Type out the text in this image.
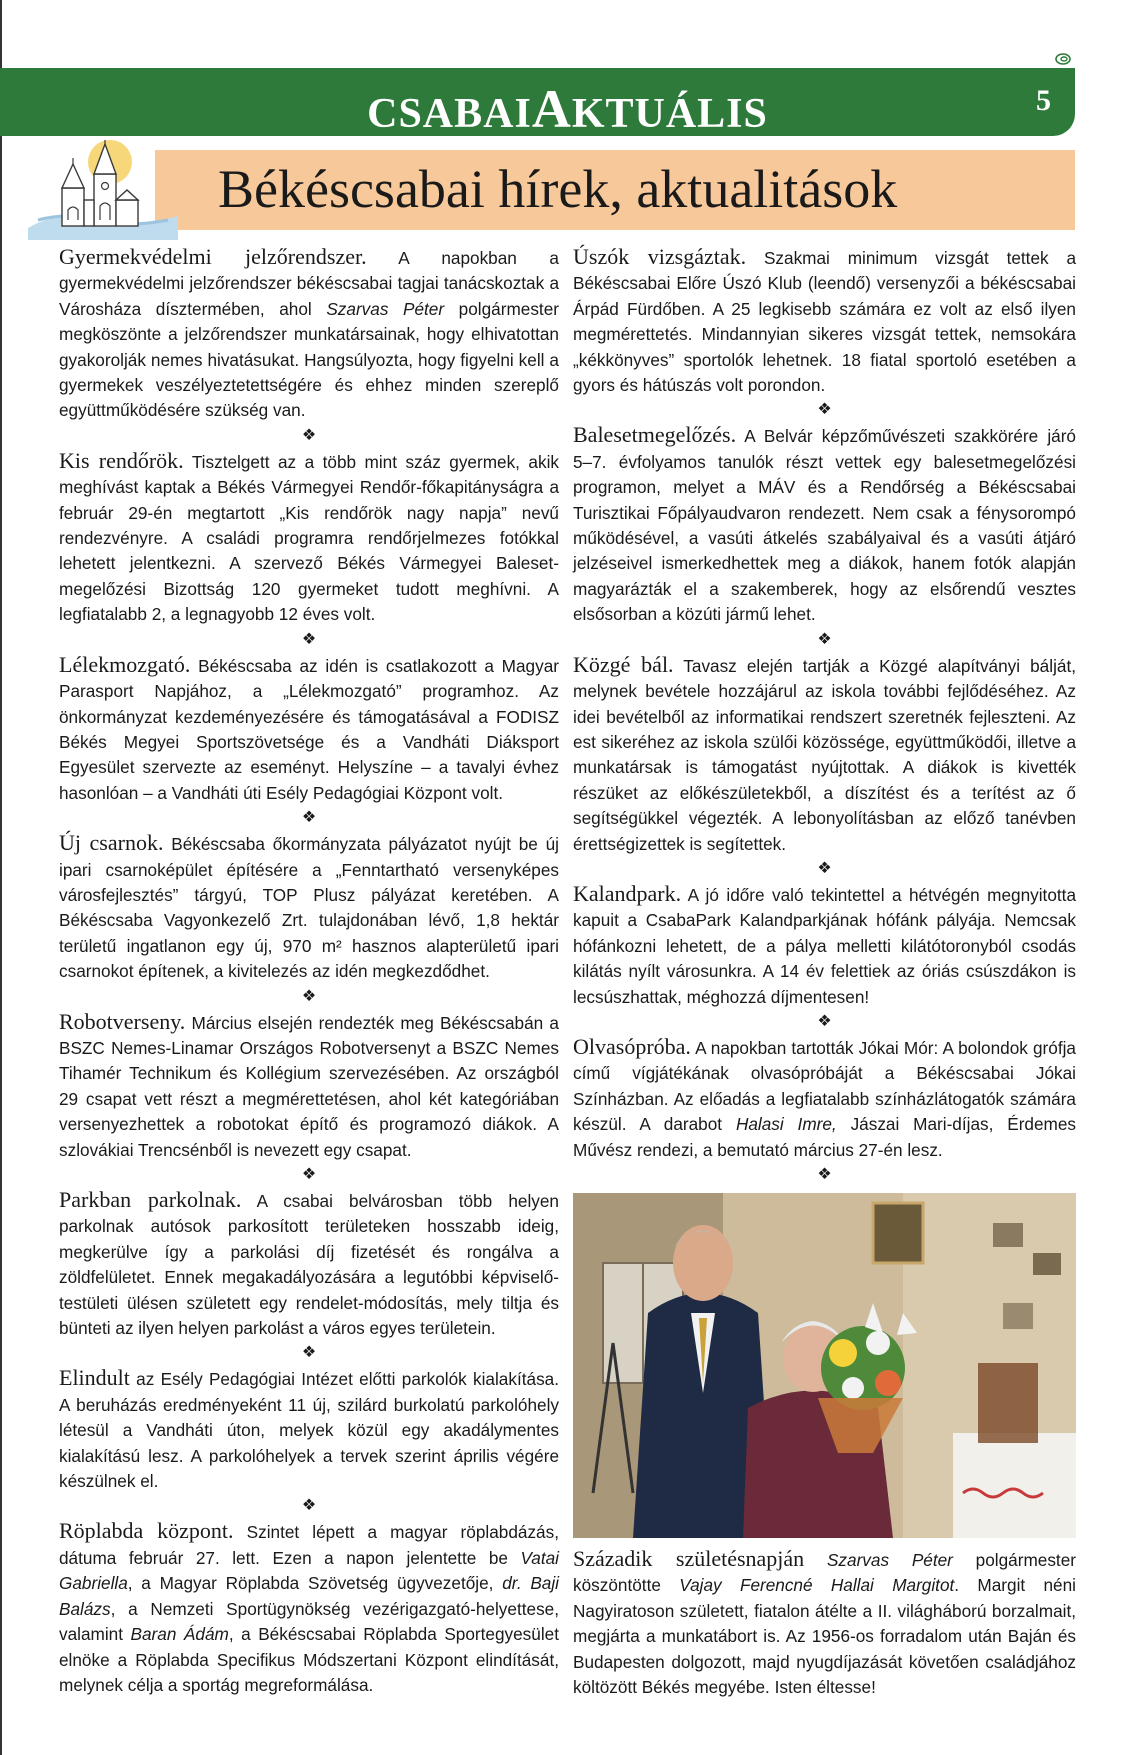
CSABAIAKTUÁLIS	5
Békéscsabai hírek, aktualitások
Gyermekvédelmi jelzőrendszer. A napokban a gyermekvédelmi jelzőrendszer békéscsabai tagjai tanácskoztak a Városháza dísztermében, ahol Szarvas Péter polgármester megköszönte a jelzőrendszer munkatársainak, hogy elhivatottan gyakorolják nemes hivatásukat. Hangsúlyozta, hogy figyelni kell a gyermekek veszélyeztetettségére és ehhez minden szereplő együttműködésére szükség van.
❖
Kis rendőrök. Tisztelgett az a több mint száz gyermek, akik meghívást kaptak a Békés Vármegyei Rendőr-főkapitányságra a február 29-én megtartott „Kis rendőrök nagy napja” nevű rendezvényre. A családi programra rendőrjelmezes fotókkal lehetett jelentkezni. A szervező Békés Vármegyei Baleset-megelőzési Bizottság 120 gyermeket tudott meghívni. A legfiatalabb 2, a legnagyobb 12 éves volt.
❖
Lélekmozgató. Békéscsaba az idén is csatlakozott a Magyar Parasport Napjához, a „Lélekmozgató” programhoz. Az önkormányzat kezdeményezésére és támogatásával a FODISZ Békés Megyei Sportszövetsége és a Vandháti Diáksport Egyesület szervezte az eseményt. Helyszíne – a tavalyi évhez hasonlóan – a Vandháti úti Esély Pedagógiai Központ volt.
❖
Új csarnok. Békéscsaba őkormányzata pályázatot nyújt be új ipari csarnoképület építésére a „Fenntartható versenyképes városfejlesztés” tárgyú, TOP Plusz pályázat keretében. A Békéscsaba Vagyonkezelő Zrt. tulajdonában lévő, 1,8 hektár területű ingatlanon egy új, 970 m² hasznos alapterületű ipari csarnokot építenek, a kivitelezés az idén megkezdődhet.
❖
Robotverseny. Március elsején rendezték meg Békéscsabán a BSZC Nemes-Linamar Országos Robotversenyt a BSZC Nemes Tihamér Technikum és Kollégium szervezésében. Az országból 29 csapat vett részt a megmérettetésen, ahol két kategóriában versenyezhettek a robotokat építő és programozó diákok. A szlovákiai Trencsénből is nevezett egy csapat.
❖
Parkban parkolnak. A csabai belvárosban több helyen parkolnak autósok parkosított területeken hosszabb ideig, megkerülve így a parkolási díj fizetését és rongálva a zöldfelületet. Ennek megakadályozására a legutóbbi képviselő-testületi ülésen született egy rendelet-módosítás, mely tiltja és bünteti az ilyen helyen parkolást a város egyes területein.
❖
Elindult az Esély Pedagógiai Intézet előtti parkolók kialakítása. A beruházás eredményeként 11 új, szilárd burkolatú parkolóhely létesül a Vandháti úton, melyek közül egy akadálymentes kialakítású lesz. A parkolóhelyek a tervek szerint április végére készülnek el.
❖
Röplabda központ. Szintet lépett a magyar röplabdázás, dátuma február 27. lett. Ezen a napon jelentette be Vatai Gabriella, a Magyar Röplabda Szövetség ügyvezetője, dr. Baji Balázs, a Nemzeti Sportügynökség vezérigazgató-helyettese, valamint Baran Ádám, a Békéscsabai Röplabda Sportegyesület elnöke a Röplabda Specifikus Módszertani Központ elindítását, melynek célja a sportág megreformálása.
Úszók vizsgáztak. Szakmai minimum vizsgát tettek a Békéscsabai Előre Úszó Klub (leendő) versenyzői a békéscsabai Árpád Fürdőben. A 25 legkisebb számára ez volt az első ilyen megmérettetés. Mindannyian sikeres vizsgát tettek, nemsokára „kékkönyves” sportolók lehetnek. 18 fiatal sportoló esetében a gyors és hátúszás volt porondon.
❖
Balesetmegelőzés. A Belvár képzőművészeti szakkörére járó 5–7. évfolyamos tanulók részt vettek egy balesetmegelőzési programon, melyet a MÁV és a Rendőrség a Békéscsabai Turisztikai Főpályaudvaron rendezett. Nem csak a fénysorompó működésével, a vasúti átkelés szabályaival és a vasúti átjáró jelzéseivel ismerkedhettek meg a diákok, hanem fotók alapján magyarázták el a szakemberek, hogy az elsőrendű vesztes elsősorban a közúti jármű lehet.
❖
Közgé bál. Tavasz elején tartják a Közgé alapítványi bálját, melynek bevétele hozzájárul az iskola további fejlődéséhez. Az idei bevételből az informatikai rendszert szeretnék fejleszteni. Az est sikeréhez az iskola szülői közössége, együttműködői, illetve a munkatársak is támogatást nyújtottak. A diákok is kivették részüket az előkészületekből, a díszítést és a terítést az ő segítségükkel végezték. A lebonyolításban az előző tanévben érettségizettek is segítettek.
❖
Kalandpark. A jó időre való tekintettel a hétvégén megnyitotta kapuit a CsabaPark Kalandparkjának hófánk pályája. Nemcsak hófánkozni lehetett, de a pálya melletti kilátótoronyból csodás kilátás nyílt városunkra. A 14 év felettiek az óriás csúszdákon is lecsúszhattak, méghozzá díjmentesen!
❖
Olvasópróba. A napokban tartották Jókai Mór: A bolondok grófja című vígjátékának olvasópróbáját a Békéscsabai Jókai Színházban. Az előadás a legfiatalabb színházlátogatók számára készül. A darabot Halasi Imre, Jászai Mari-díjas, Érdemes Művész rendezi, a bemutató március 27-én lesz.
❖
Századik születésnapján Szarvas Péter polgármester köszöntötte Vajay Ferencné Hallai Margitot. Margit néni Nagyiratoson született, fiatalon átélte a II. világháború borzalmait, megjárta a munkatábort is. Az 1956-os forradalom után Baján és Budapesten dolgozott, majd nyugdíjazását követően családjához költözött Békés megyébe. Isten éltesse!
